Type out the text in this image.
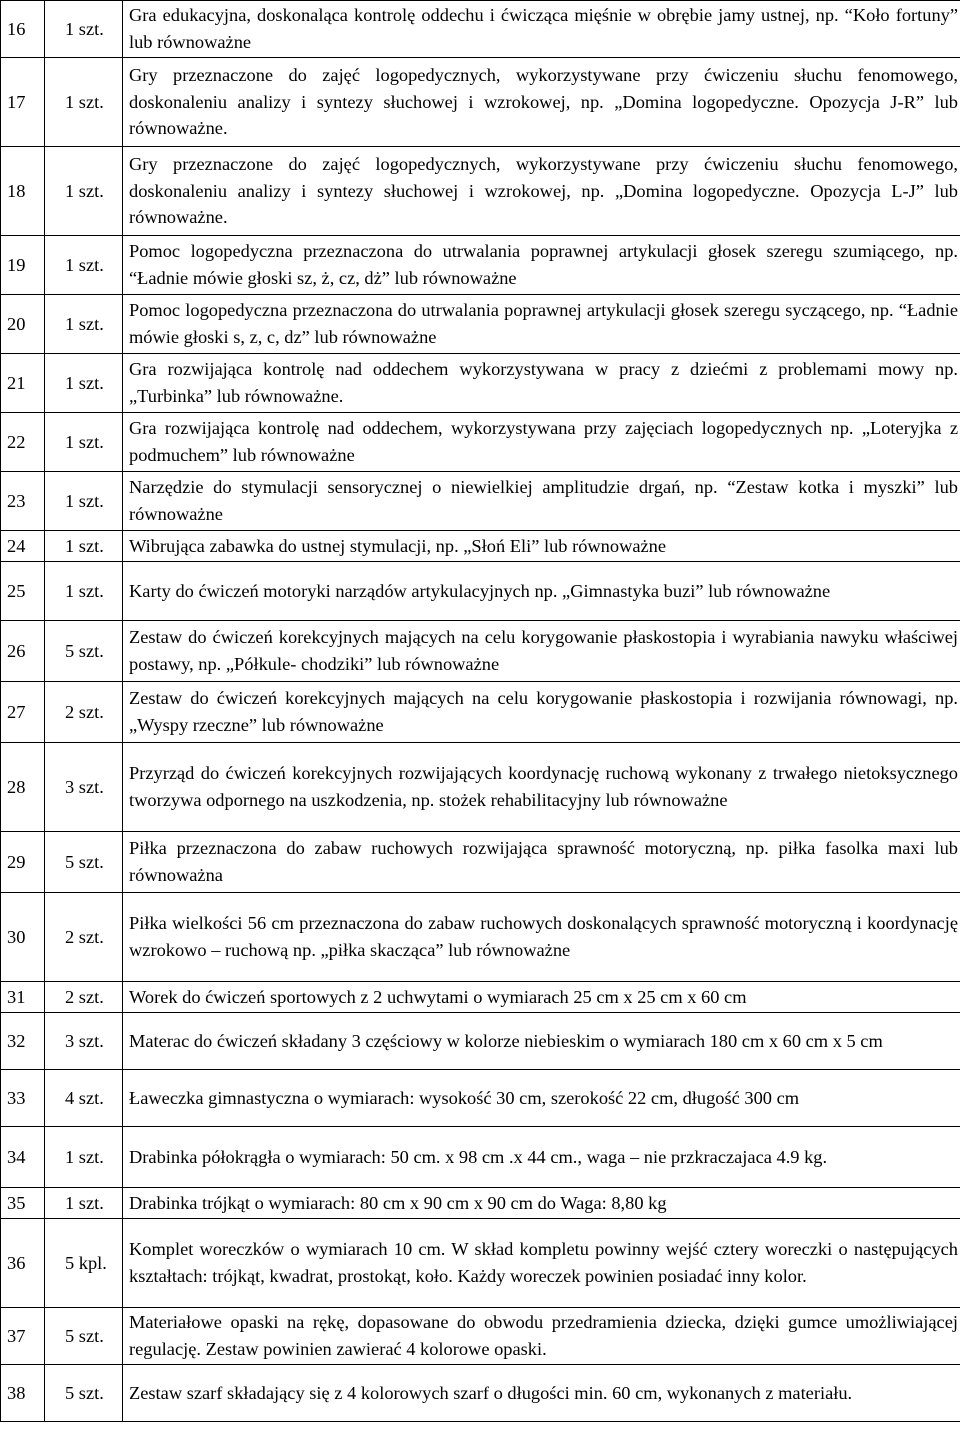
16	1 szt.	Gra edukacyjna, doskonaląca kontrolę oddechu i ćwicząca mięśnie w obrębie jamy ustnej, np. “Koło fortuny” lub równoważne
17	1 szt.	Gry przeznaczone do zajęć logopedycznych, wykorzystywane przy ćwiczeniu słuchu fenomowego, doskonaleniu analizy i syntezy słuchowej i wzrokowej, np. „Domina logopedyczne. Opozycja J-R” lub równoważne.
18	1 szt.	Gry przeznaczone do zajęć logopedycznych, wykorzystywane przy ćwiczeniu słuchu fenomowego, doskonaleniu analizy i syntezy słuchowej i wzrokowej, np. „Domina logopedyczne. Opozycja L-J” lub równoważne.
19	1 szt.	Pomoc logopedyczna przeznaczona do utrwalania poprawnej artykulacji głosek szeregu szumiącego, np. “Ładnie mówie głoski sz, ż, cz, dż” lub równoważne
20	1 szt.	Pomoc logopedyczna przeznaczona do utrwalania poprawnej artykulacji głosek szeregu syczącego, np. “Ładnie mówie głoski s, z, c, dz” lub równoważne
21	1 szt.	Gra rozwijająca kontrolę nad oddechem wykorzystywana w pracy z dziećmi z problemami mowy np. „Turbinka” lub równoważne.
22	1 szt.	Gra rozwijająca kontrolę nad oddechem, wykorzystywana przy zajęciach logopedycznych np. „Loteryjka z podmuchem” lub równoważne
23	1 szt.	Narzędzie do stymulacji sensorycznej o niewielkiej amplitudzie drgań, np. “Zestaw kotka i myszki” lub równoważne
24	1 szt.	Wibrująca zabawka do ustnej stymulacji, np. „Słoń Eli” lub równoważne
25	1 szt.	Karty do ćwiczeń motoryki narządów artykulacyjnych np. „Gimnastyka buzi” lub równoważne
26	5 szt.	Zestaw do ćwiczeń korekcyjnych mających na celu korygowanie płaskostopia i wyrabiania nawyku właściwej postawy, np. „Półkule- chodziki” lub równoważne
27	2 szt.	Zestaw do ćwiczeń korekcyjnych mających na celu korygowanie płaskostopia i rozwijania równowagi, np. „Wyspy rzeczne” lub równoważne
28	3 szt.	Przyrząd do ćwiczeń korekcyjnych rozwijających koordynację ruchową wykonany z trwałego nietoksycznego tworzywa odpornego na uszkodzenia, np. stożek rehabilitacyjny lub równoważne
29	5 szt.	Piłka przeznaczona do zabaw ruchowych rozwijająca sprawność motoryczną, np. piłka fasolka maxi lub równoważna
30	2 szt.	Piłka wielkości 56 cm przeznaczona do zabaw ruchowych doskonalących sprawność motoryczną i koordynację wzrokowo – ruchową np. „piłka skacząca” lub równoważne
31	2 szt.	Worek do ćwiczeń sportowych z 2 uchwytami o wymiarach 25 cm x 25 cm x 60 cm
32	3 szt.	Materac do ćwiczeń składany 3 częściowy w kolorze niebieskim o wymiarach 180 cm x 60 cm x 5 cm
33	4 szt.	Ławeczka gimnastyczna o wymiarach: wysokość 30 cm, szerokość 22 cm, długość 300 cm
34	1 szt.	Drabinka półokrągła o wymiarach: 50 cm. x 98 cm .x 44 cm., waga – nie przkraczajaca 4.9 kg.
35	1 szt.	Drabinka trójkąt o wymiarach: 80 cm x 90 cm x 90 cm do Waga: 8,80 kg
36	5 kpl.	Komplet woreczków o wymiarach 10 cm. W skład kompletu powinny wejść cztery woreczki o następujących kształtach: trójkąt, kwadrat, prostokąt, koło. Każdy woreczek powinien posiadać inny kolor.
37	5 szt.	Materiałowe opaski na rękę, dopasowane do obwodu przedramienia dziecka, dzięki gumce umożliwiającej regulację. Zestaw powinien zawierać 4 kolorowe opaski.
38	5 szt.	Zestaw szarf składający się z 4 kolorowych szarf o długości min. 60 cm, wykonanych z materiału.
